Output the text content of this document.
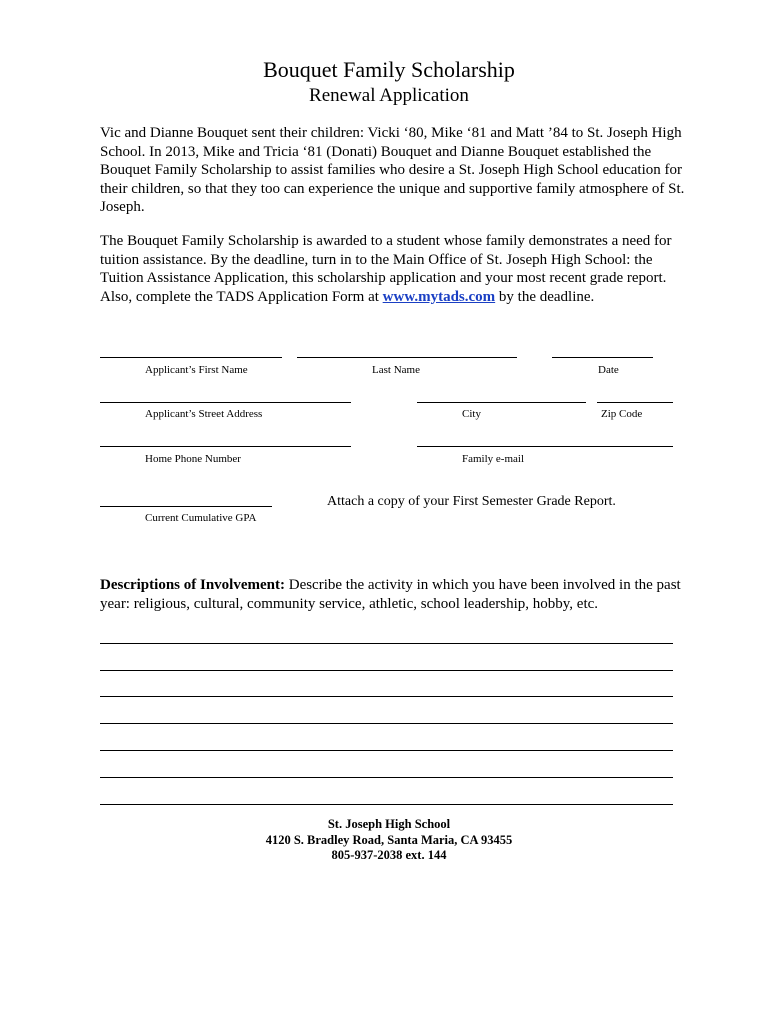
Bouquet Family Scholarship
Renewal Application
Vic and Dianne Bouquet sent their children: Vicki ‘80, Mike ‘81 and Matt ’84 to St. Joseph High School. In 2013, Mike and Tricia ‘81 (Donati) Bouquet and Dianne Bouquet established the Bouquet Family Scholarship to assist families who desire a St. Joseph High School education for their children, so that they too can experience the unique and supportive family atmosphere of St. Joseph.
The Bouquet Family Scholarship is awarded to a student whose family demonstrates a need for tuition assistance. By the deadline, turn in to the Main Office of St. Joseph High School: the Tuition Assistance Application, this scholarship application and your most recent grade report. Also, complete the TADS Application Form at www.mytads.com by the deadline.
Applicant’s First Name	Last Name	Date
Applicant’s Street Address	City	Zip Code
Home Phone Number	Family e-mail
Current Cumulative GPA
Attach a copy of your First Semester Grade Report.
Descriptions of Involvement: Describe the activity in which you have been involved in the past year: religious, cultural, community service, athletic, school leadership, hobby, etc.
St. Joseph High School
4120 S. Bradley Road, Santa Maria, CA 93455
805-937-2038 ext. 144
